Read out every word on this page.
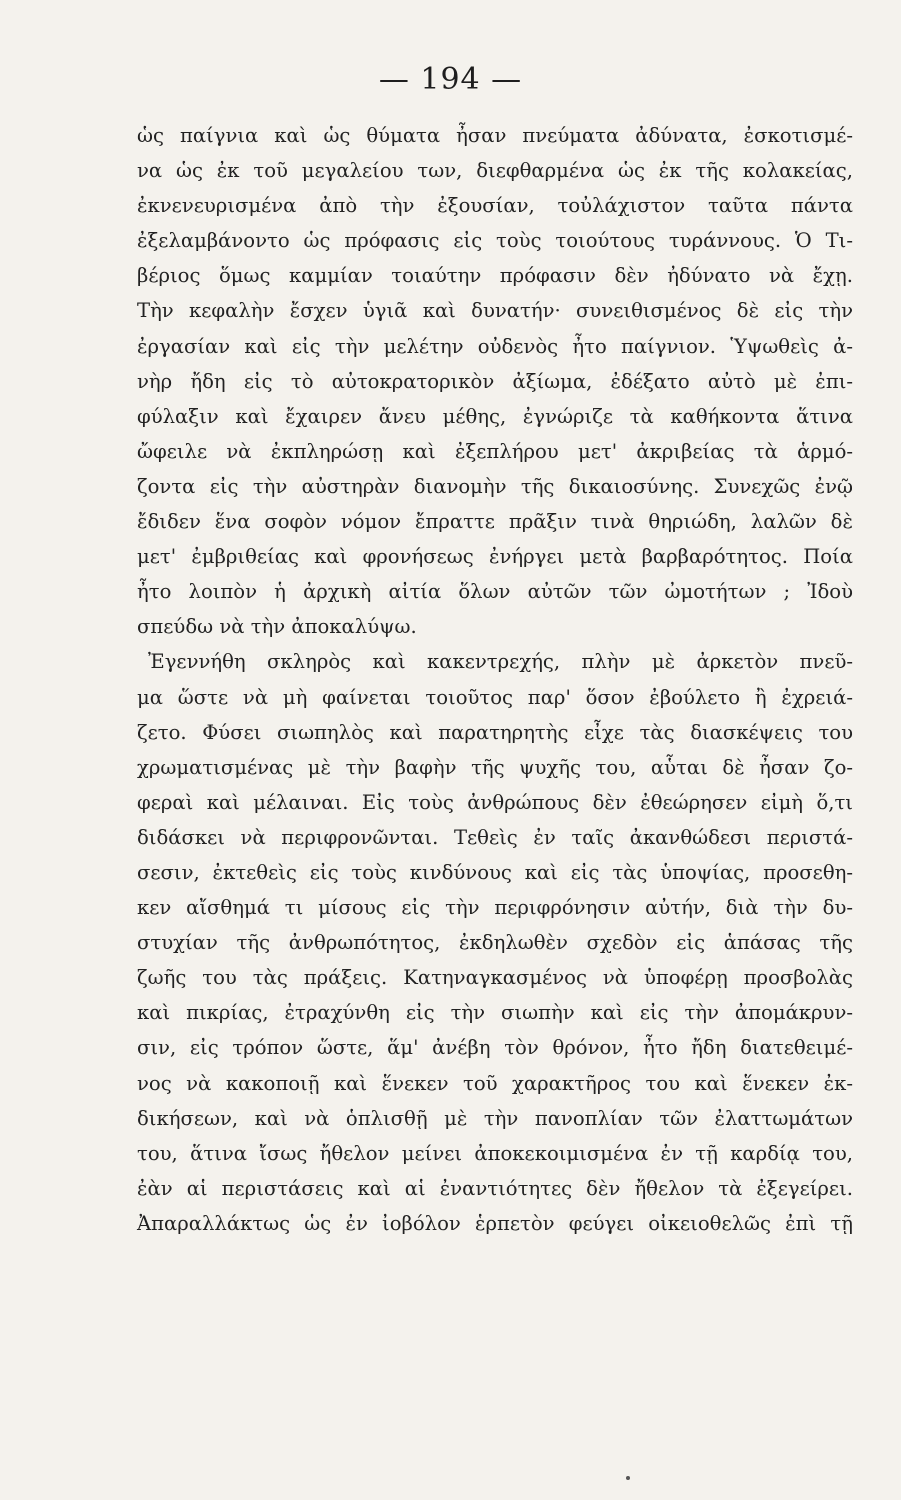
— 194 —
ὡς παίγνια καὶ ὡς θύματα ἦσαν πνεύματα ἀδύνατα, ἐσκοτισμέ-
να ὡς ἐκ τοῦ μεγαλείου των, διεφθαρμένα ὡς ἐκ τῆς κολακείας,
ἐκνενευρισμένα ἀπὸ τὴν ἐξουσίαν, τοὐλάχιστον ταῦτα πάντα
ἐξελαμβάνοντο ὡς πρόφασις εἰς τοὺς τοιούτους τυράννους. Ὁ Τι-
βέριος ὅμως καμμίαν τοιαύτην πρόφασιν δὲν ἠδύνατο νὰ ἔχῃ.
Τὴν κεφαλὴν ἔσχεν ὑγιᾶ καὶ δυνατήν· συνειθισμένος δὲ εἰς τὴν
ἐργασίαν καὶ εἰς τὴν μελέτην οὐδενὸς ἦτο παίγνιον. Ὑψωθεὶς ἀ-
νὴρ ἤδη εἰς τὸ αὐτοκρατορικὸν ἀξίωμα, ἐδέξατο αὐτὸ μὲ ἐπι-
φύλαξιν καὶ ἔχαιρεν ἄνευ μέθης, ἐγνώριζε τὰ καθήκοντα ἅτινα
ὤφειλε νὰ ἐκπληρώσῃ καὶ ἐξεπλήρου μετ' ἀκριβείας τὰ ἁρμό-
ζοντα εἰς τὴν αὐστηρὰν διανομὴν τῆς δικαιοσύνης. Συνεχῶς ἐνῷ
ἔδιδεν ἕνα σοφὸν νόμον ἔπραττε πρᾶξιν τινὰ θηριώδη, λαλῶν δὲ
μετ' ἐμβριθείας καὶ φρονήσεως ἐνήργει μετὰ βαρβαρότητος. Ποία
ἦτο λοιπὸν ἡ ἀρχικὴ αἰτία ὅλων αὐτῶν τῶν ὠμοτήτων ; Ἰδοὺ
σπεύδω νὰ τὴν ἀποκαλύψω.
Ἐγεννήθη σκληρὸς καὶ κακεντρεχής, πλὴν μὲ ἀρκετὸν πνεῦ-
μα ὥστε νὰ μὴ φαίνεται τοιοῦτος παρ' ὅσον ἐβούλετο ἢ ἐχρειά-
ζετο. Φύσει σιωπηλὸς καὶ παρατηρητὴς εἶχε τὰς διασκέψεις του
χρωματισμένας μὲ τὴν βαφὴν τῆς ψυχῆς του, αὗται δὲ ἦσαν ζο-
φεραὶ καὶ μέλαιναι. Εἰς τοὺς ἀνθρώπους δὲν ἐθεώρησεν εἰμὴ ὅ,τι
διδάσκει νὰ περιφρονῶνται. Τεθεὶς ἐν ταῖς ἀκανθώδεσι περιστά-
σεσιν, ἐκτεθεὶς εἰς τοὺς κινδύνους καὶ εἰς τὰς ὑποψίας, προσεθη-
κεν αἴσθημά τι μίσους εἰς τὴν περιφρόνησιν αὐτήν, διὰ τὴν δυ-
στυχίαν τῆς ἀνθρωπότητος, ἐκδηλωθὲν σχεδὸν εἰς ἁπάσας τῆς
ζωῆς του τὰς πράξεις. Κατηναγκασμένος νὰ ὑποφέρῃ προσβολὰς
καὶ πικρίας, ἐτραχύνθη εἰς τὴν σιωπὴν καὶ εἰς τὴν ἀπομάκρυν-
σιν, εἰς τρόπον ὥστε, ἅμ' ἀνέβη τὸν θρόνον, ἦτο ἤδη διατεθειμέ-
νος νὰ κακοποιῇ καὶ ἕνεκεν τοῦ χαρακτῆρος του καὶ ἕνεκεν ἐκ-
δικήσεων, καὶ νὰ ὁπλισθῇ μὲ τὴν πανοπλίαν τῶν ἐλαττωμάτων
του, ἅτινα ἴσως ἤθελον μείνει ἀποκεκοιμισμένα ἐν τῇ καρδίᾳ του,
ἐὰν αἱ περιστάσεις καὶ αἱ ἐναντιότητες δὲν ἤθελον τὰ ἐξεγείρει.
Ἀπαραλλάκτως ὡς ἐν ἰοβόλον ἑρπετὸν φεύγει οἰκειοθελῶς ἐπὶ τῇ
